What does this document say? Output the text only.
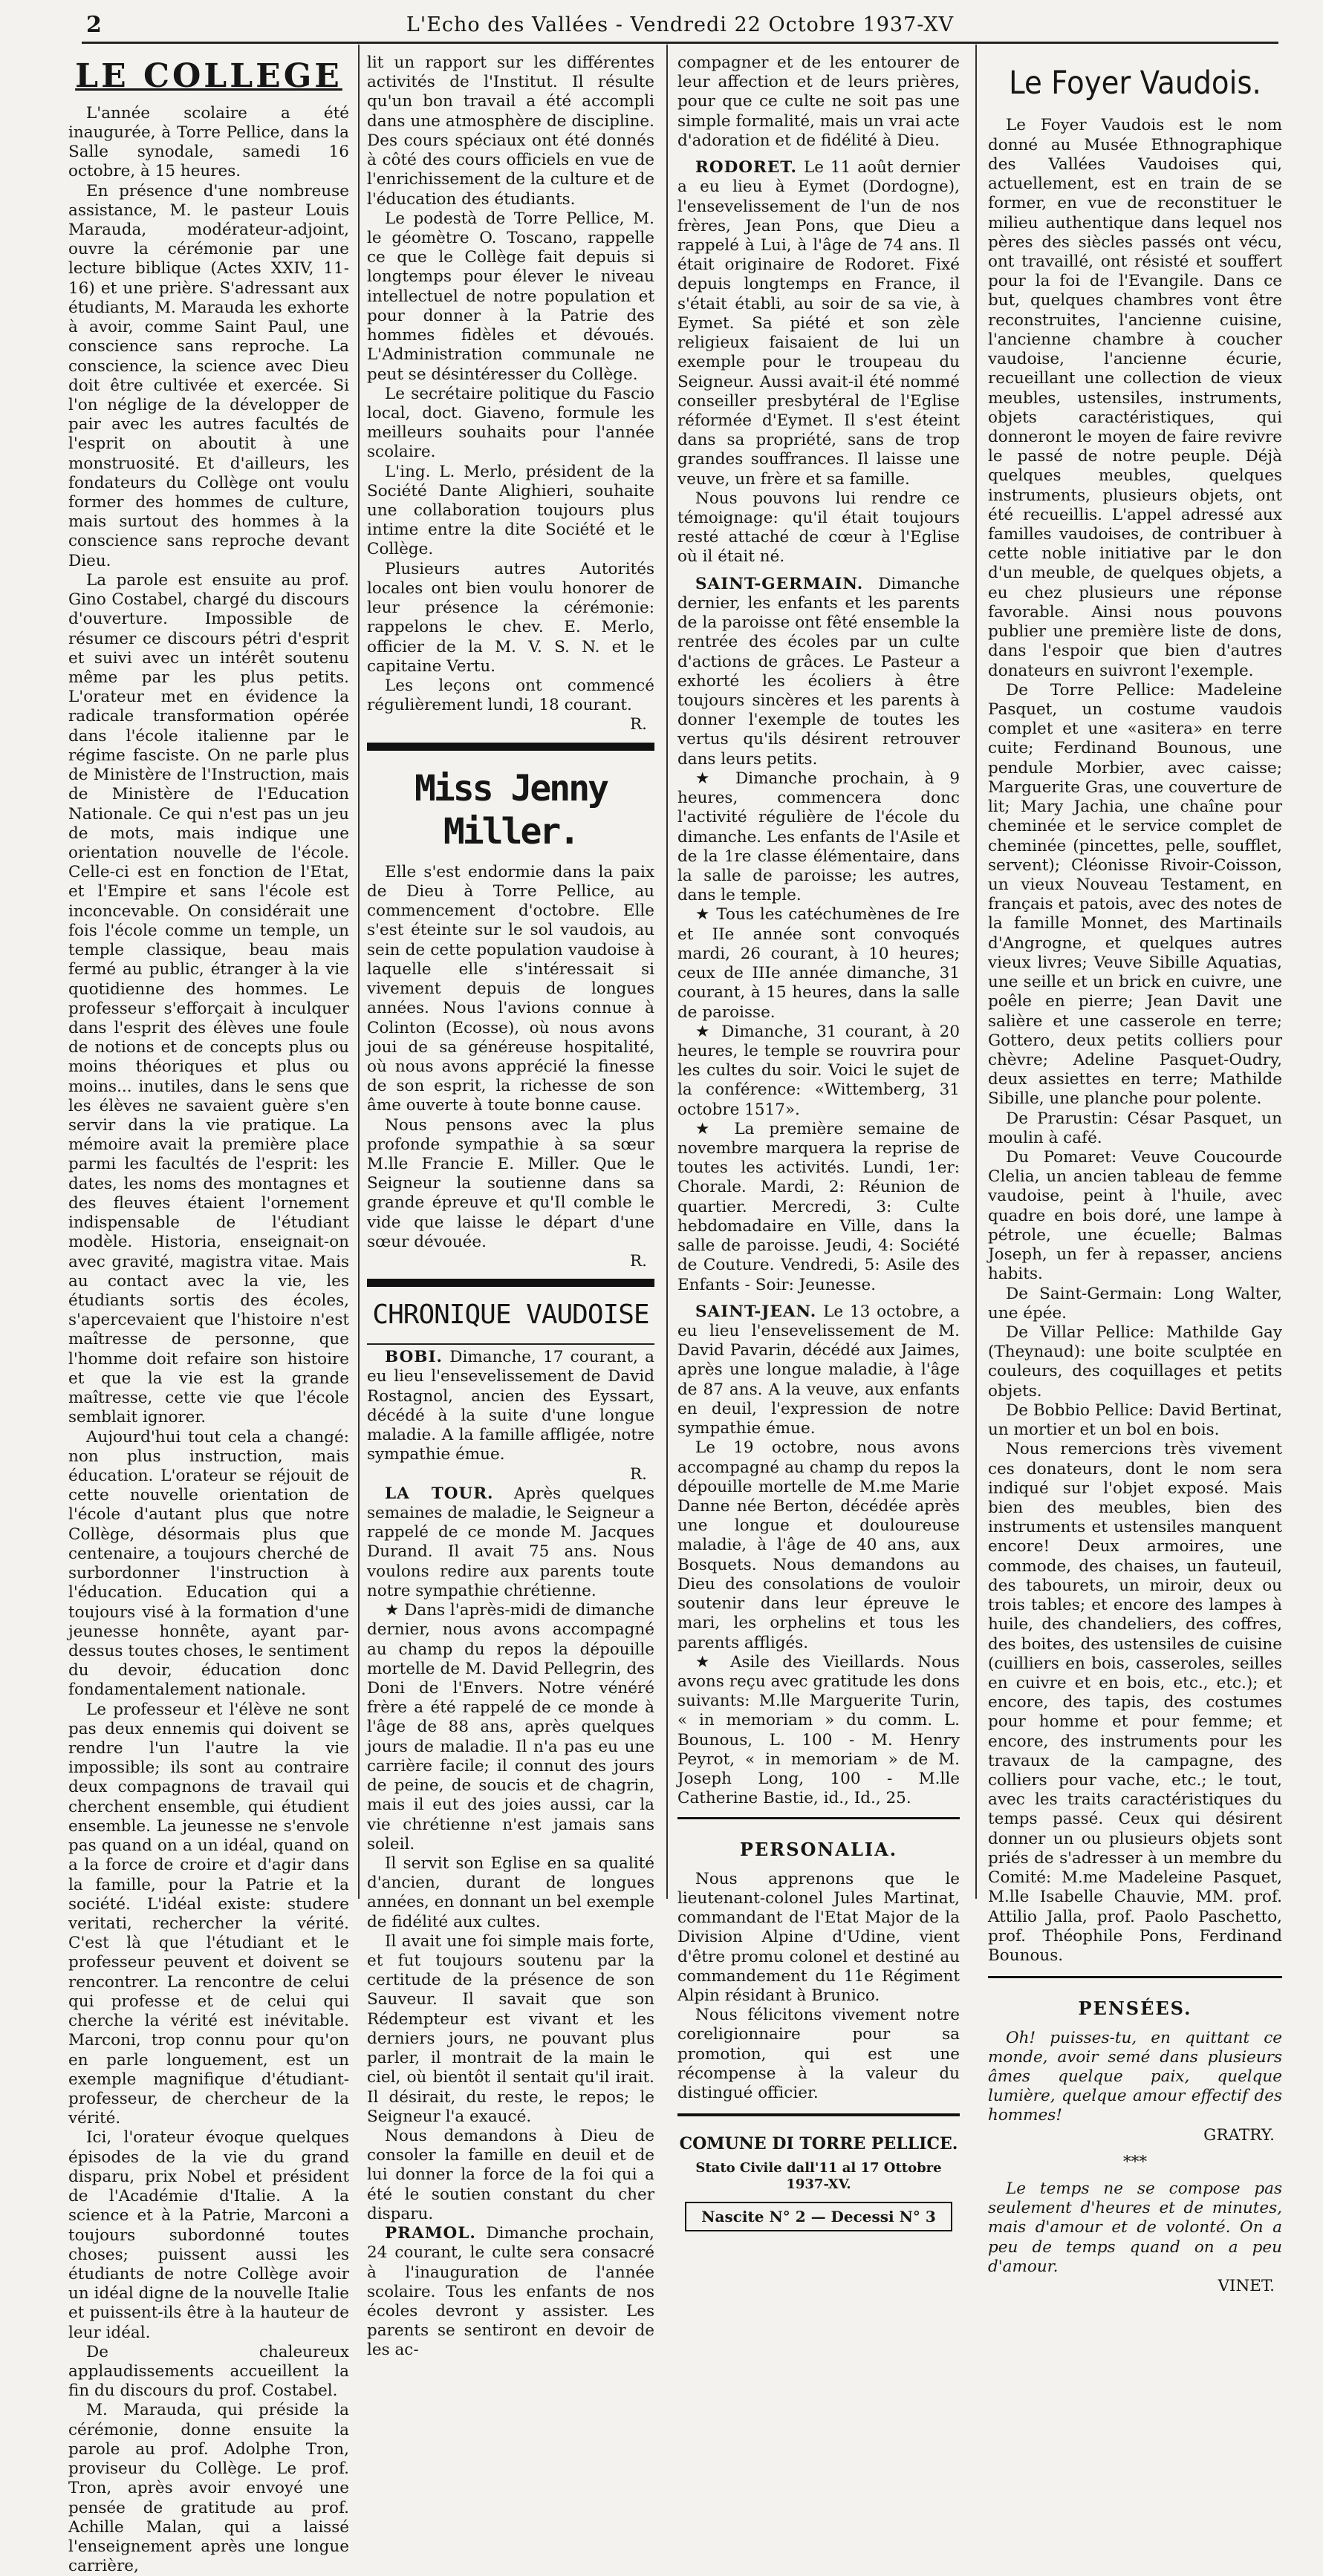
2	L'Echo des Vallées - Vendredi 22 Octobre 1937-XV
LE COLLEGE

L'année scolaire a été inaugurée, à Torre Pellice, dans la Salle synodale, samedi 16 octobre, à 15 heures.

En présence d'une nombreuse assistance, M. le pasteur Louis Marauda, modérateur-adjoint, ouvre la cérémonie par une lecture biblique (Actes XXIV, 11-16) et une prière. S'adressant aux étudiants, M. Marauda les exhorte à avoir, comme Saint Paul, une conscience sans reproche. La conscience, la science avec Dieu doit être cultivée et exercée. Si l'on néglige de la développer de pair avec les autres facultés de l'esprit on aboutit à une monstruosité. Et d'ailleurs, les fondateurs du Collège ont voulu former des hommes de culture, mais surtout des hommes à la conscience sans reproche devant Dieu.

La parole est ensuite au prof. Gino Costabel, chargé du discours d'ouverture. Impossible de résumer ce discours pétri d'esprit et suivi avec un intérêt soutenu même par les plus petits. L'orateur met en évidence la radicale transformation opérée dans l'école italienne par le régime fasciste. On ne parle plus de Ministère de l'Instruction, mais de Ministère de l'Education Nationale. Ce qui n'est pas un jeu de mots, mais indique une orientation nouvelle de l'école. Celle-ci est en fonction de l'Etat, et l'Empire et sans l'école est inconcevable. On considérait une fois l'école comme un temple, un temple classique, beau mais fermé au public, étranger à la vie quotidienne des hommes. Le professeur s'efforçait à inculquer dans l'esprit des élèves une foule de notions et de concepts plus ou moins théoriques et plus ou moins... inutiles, dans le sens que les élèves ne savaient guère s'en servir dans la vie pratique. La mémoire avait la première place parmi les facultés de l'esprit: les dates, les noms des montagnes et des fleuves étaient l'ornement indispensable de l'étudiant modèle. Historia, enseignait-on avec gravité, magistra vitae. Mais au contact avec la vie, les étudiants sortis des écoles, s'apercevaient que l'histoire n'est maîtresse de personne, que l'homme doit refaire son histoire et que la vie est la grande maîtresse, cette vie que l'école semblait ignorer.

Aujourd'hui tout cela a changé: non plus instruction, mais éducation. L'orateur se réjouit de cette nouvelle orientation de l'école d'autant plus que notre Collège, désormais plus que centenaire, a toujours cherché de surbordonner l'instruction à l'éducation. Education qui a toujours visé à la formation d'une jeunesse honnête, ayant par-dessus toutes choses, le sentiment du devoir, éducation donc fondamentalement nationale.

Le professeur et l'élève ne sont pas deux ennemis qui doivent se rendre l'un l'autre la vie impossible; ils sont au contraire deux compagnons de travail qui cherchent ensemble, qui étudient ensemble. La jeunesse ne s'envole pas quand on a un idéal, quand on a la force de croire et d'agir dans la famille, pour la Patrie et la société. L'idéal existe: studere veritati, rechercher la vérité. C'est là que l'étudiant et le professeur peuvent et doivent se rencontrer. La rencontre de celui qui professe et de celui qui cherche la vérité est inévitable. Marconi, trop connu pour qu'on en parle longuement, est un exemple magnifique d'étudiant-professeur, de chercheur de la vérité.

Ici, l'orateur évoque quelques épisodes de la vie du grand disparu, prix Nobel et président de l'Académie d'Italie. A la science et à la Patrie, Marconi a toujours subordonné toutes choses; puissent aussi les étudiants de notre Collège avoir un idéal digne de la nouvelle Italie et puissent-ils être à la hauteur de leur idéal.

De chaleureux applaudissements accueillent la fin du discours du prof. Costabel.

M. Marauda, qui préside la cérémonie, donne ensuite la parole au prof. Adolphe Tron, proviseur du Collège. Le prof. Tron, après avoir envoyé une pensée de gratitude au prof. Achille Malan, qui a laissé l'enseignement après une longue carrière,

lit un rapport sur les différentes activités de l'Institut. Il résulte qu'un bon travail a été accompli dans une atmosphère de discipline. Des cours spéciaux ont été donnés à côté des cours officiels en vue de l'enrichissement de la culture et de l'éducation des étudiants.

Le podestà de Torre Pellice, M. le géomètre O. Toscano, rappelle ce que le Collège fait depuis si longtemps pour élever le niveau intellectuel de notre population et pour donner à la Patrie des hommes fidèles et dévoués. L'Administration communale ne peut se désintéresser du Collège.

Le secrétaire politique du Fascio local, doct. Giaveno, formule les meilleurs souhaits pour l'année scolaire.

L'ing. L. Merlo, président de la Société Dante Alighieri, souhaite une collaboration toujours plus intime entre la dite Société et le Collège.

Plusieurs autres Autorités locales ont bien voulu honorer de leur présence la cérémonie: rappelons le chev. E. Merlo, officier de la M. V. S. N. et le capitaine Vertu.

Les leçons ont commencé régulièrement lundi, 18 courant.

R.
Miss Jenny Miller.

Elle s'est endormie dans la paix de Dieu à Torre Pellice, au commencement d'octobre. Elle s'est éteinte sur le sol vaudois, au sein de cette population vaudoise à laquelle elle s'intéressait si vivement depuis de longues années. Nous l'avions connue à Colinton (Ecosse), où nous avons joui de sa généreuse hospitalité, où nous avons apprécié la finesse de son esprit, la richesse de son âme ouverte à toute bonne cause.

Nous pensons avec la plus profonde sympathie à sa sœur M.lle Francie E. Miller. Que le Seigneur la soutienne dans sa grande épreuve et qu'Il comble le vide que laisse le départ d'une sœur dévouée.

R.
CHRONIQUE VAUDOISE

BOBI. Dimanche, 17 courant, a eu lieu l'ensevelissement de David Rostagnol, ancien des Eyssart, décédé à la suite d'une longue maladie. A la famille affligée, notre sympathie émue.

R.

LA TOUR. Après quelques semaines de maladie, le Seigneur a rappelé de ce monde M. Jacques Durand. Il avait 75 ans. Nous voulons redire aux parents toute notre sympathie chrétienne.

★ Dans l'après-midi de dimanche dernier, nous avons accompagné au champ du repos la dépouille mortelle de M. David Pellegrin, des Doni de l'Envers. Notre vénéré frère a été rappelé de ce monde à l'âge de 88 ans, après quelques jours de maladie. Il n'a pas eu une carrière facile; il connut des jours de peine, de soucis et de chagrin, mais il eut des joies aussi, car la vie chrétienne n'est jamais sans soleil.

Il servit son Eglise en sa qualité d'ancien, durant de longues années, en donnant un bel exemple de fidélité aux cultes.

Il avait une foi simple mais forte, et fut toujours soutenu par la certitude de la présence de son Sauveur. Il savait que son Rédempteur est vivant et les derniers jours, ne pouvant plus parler, il montrait de la main le ciel, où bientôt il sentait qu'il irait. Il désirait, du reste, le repos; le Seigneur l'a exaucé.

Nous demandons à Dieu de consoler la famille en deuil et de lui donner la force de la foi qui a été le soutien constant du cher disparu.

PRAMOL. Dimanche prochain, 24 courant, le culte sera consacré à l'inauguration de l'année scolaire. Tous les enfants de nos écoles devront y assister. Les parents se sentiront en devoir de les ac-

compagner et de les entourer de leur affection et de leurs prières, pour que ce culte ne soit pas une simple formalité, mais un vrai acte d'adoration et de fidélité à Dieu.

RODORET. Le 11 août dernier a eu lieu à Eymet (Dordogne), l'ensevelissement de l'un de nos frères, Jean Pons, que Dieu a rappelé à Lui, à l'âge de 74 ans. Il était originaire de Rodoret. Fixé depuis longtemps en France, il s'était établi, au soir de sa vie, à Eymet. Sa piété et son zèle religieux faisaient de lui un exemple pour le troupeau du Seigneur. Aussi avait-il été nommé conseiller presbytéral de l'Eglise réformée d'Eymet. Il s'est éteint dans sa propriété, sans de trop grandes souffrances. Il laisse une veuve, un frère et sa famille.

Nous pouvons lui rendre ce témoignage: qu'il était toujours resté attaché de cœur à l'Eglise où il était né.

SAINT-GERMAIN. Dimanche dernier, les enfants et les parents de la paroisse ont fêté ensemble la rentrée des écoles par un culte d'actions de grâces. Le Pasteur a exhorté les écoliers à être toujours sincères et les parents à donner l'exemple de toutes les vertus qu'ils désirent retrouver dans leurs petits.

★ Dimanche prochain, à 9 heures, commencera donc l'activité régulière de l'école du dimanche. Les enfants de l'Asile et de la 1re classe élémentaire, dans la salle de paroisse; les autres, dans le temple.

★ Tous les catéchumènes de Ire et IIe année sont convoqués mardi, 26 courant, à 10 heures; ceux de IIIe année dimanche, 31 courant, à 15 heures, dans la salle de paroisse.

★ Dimanche, 31 courant, à 20 heures, le temple se rouvrira pour les cultes du soir. Voici le sujet de la conférence: «Wittemberg, 31 octobre 1517».

★ La première semaine de novembre marquera la reprise de toutes les activités. Lundi, 1er: Chorale. Mardi, 2: Réunion de quartier. Mercredi, 3: Culte hebdomadaire en Ville, dans la salle de paroisse. Jeudi, 4: Société de Couture. Vendredi, 5: Asile des Enfants - Soir: Jeunesse.

SAINT-JEAN. Le 13 octobre, a eu lieu l'ensevelissement de M. David Pavarin, décédé aux Jaimes, après une longue maladie, à l'âge de 87 ans. A la veuve, aux enfants en deuil, l'expression de notre sympathie émue.

Le 19 octobre, nous avons accompagné au champ du repos la dépouille mortelle de M.me Marie Danne née Berton, décédée après une longue et douloureuse maladie, à l'âge de 40 ans, aux Bosquets. Nous demandons au Dieu des consolations de vouloir soutenir dans leur épreuve le mari, les orphelins et tous les parents affligés.

★ Asile des Vieillards. Nous avons reçu avec gratitude les dons suivants: M.lle Marguerite Turin, « in memoriam » du comm. L. Bounous, L. 100 - M. Henry Peyrot, « in memoriam » de M. Joseph Long, 100 - M.lle Catherine Bastie, id., Id., 25.

PERSONALIA.

Nous apprenons que le lieutenant-colonel Jules Martinat, commandant de l'Etat Major de la Division Alpine d'Udine, vient d'être promu colonel et destiné au commandement du 11e Régiment Alpin résidant à Brunico.

Nous félicitons vivement notre coreligionnaire pour sa promotion, qui est une récompense à la valeur du distingué officier.

COMUNE DI TORRE PELLICE.
Stato Civile dall'11 al 17 Ottobre 1937-XV.
Nascite N° 2 — Decessi N° 3
Le Foyer Vaudois.

Le Foyer Vaudois est le nom donné au Musée Ethnographique des Vallées Vaudoises qui, actuellement, est en train de se former, en vue de reconstituer le milieu authentique dans lequel nos pères des siècles passés ont vécu, ont travaillé, ont résisté et souffert pour la foi de l'Evangile. Dans ce but, quelques chambres vont être reconstruites, l'ancienne cuisine, l'ancienne chambre à coucher vaudoise, l'ancienne écurie, recueillant une collection de vieux meubles, ustensiles, instruments, objets caractéristiques, qui donneront le moyen de faire revivre le passé de notre peuple. Déjà quelques meubles, quelques instruments, plusieurs objets, ont été recueillis. L'appel adressé aux familles vaudoises, de contribuer à cette noble initiative par le don d'un meuble, de quelques objets, a eu chez plusieurs une réponse favorable. Ainsi nous pouvons publier une première liste de dons, dans l'espoir que bien d'autres donateurs en suivront l'exemple.

De Torre Pellice: Madeleine Pasquet, un costume vaudois complet et une «asitera» en terre cuite; Ferdinand Bounous, une pendule Morbier, avec caisse; Marguerite Gras, une couverture de lit; Mary Jachia, une chaîne pour cheminée et le service complet de cheminée (pincettes, pelle, soufflet, servent); Cléonisse Rivoir-Coisson, un vieux Nouveau Testament, en français et patois, avec des notes de la famille Monnet, des Martinails d'Angrogne, et quelques autres vieux livres; Veuve Sibille Aquatias, une seille et un brick en cuivre, une poêle en pierre; Jean Davit une salière et une casserole en terre; Gottero, deux petits colliers pour chèvre; Adeline Pasquet-Oudry, deux assiettes en terre; Mathilde Sibille, une planche pour polente.

De Prarustin: César Pasquet, un moulin à café.

Du Pomaret: Veuve Coucourde Clelia, un ancien tableau de femme vaudoise, peint à l'huile, avec quadre en bois doré, une lampe à pétrole, une écuelle; Balmas Joseph, un fer à repasser, anciens habits.

De Saint-Germain: Long Walter, une épée.

De Villar Pellice: Mathilde Gay (Theynaud): une boite sculptée en couleurs, des coquillages et petits objets.

De Bobbio Pellice: David Bertinat, un mortier et un bol en bois.

Nous remercions très vivement ces donateurs, dont le nom sera indiqué sur l'objet exposé. Mais bien des meubles, bien des instruments et ustensiles manquent encore! Deux armoires, une commode, des chaises, un fauteuil, des tabourets, un miroir, deux ou trois tables; et encore des lampes à huile, des chandeliers, des coffres, des boites, des ustensiles de cuisine (cuilliers en bois, casseroles, seilles en cuivre et en bois, etc., etc.); et encore, des tapis, des costumes pour homme et pour femme; et encore, des instruments pour les travaux de la campagne, des colliers pour vache, etc.; le tout, avec les traits caractéristiques du temps passé. Ceux qui désirent donner un ou plusieurs objets sont priés de s'adresser à un membre du Comité: M.me Madeleine Pasquet, M.lle Isabelle Chauvie, MM. prof. Attilio Jalla, prof. Paolo Paschetto, prof. Théophile Pons, Ferdinand Bounous.

PENSÉES.

Oh! puisses-tu, en quittant ce monde, avoir semé dans plusieurs âmes quelque paix, quelque lumière, quelque amour effectif des hommes!

GRATRY.
***

Le temps ne se compose pas seulement d'heures et de minutes, mais d'amour et de volonté. On a peu de temps quand on a peu d'amour.

VINET.
